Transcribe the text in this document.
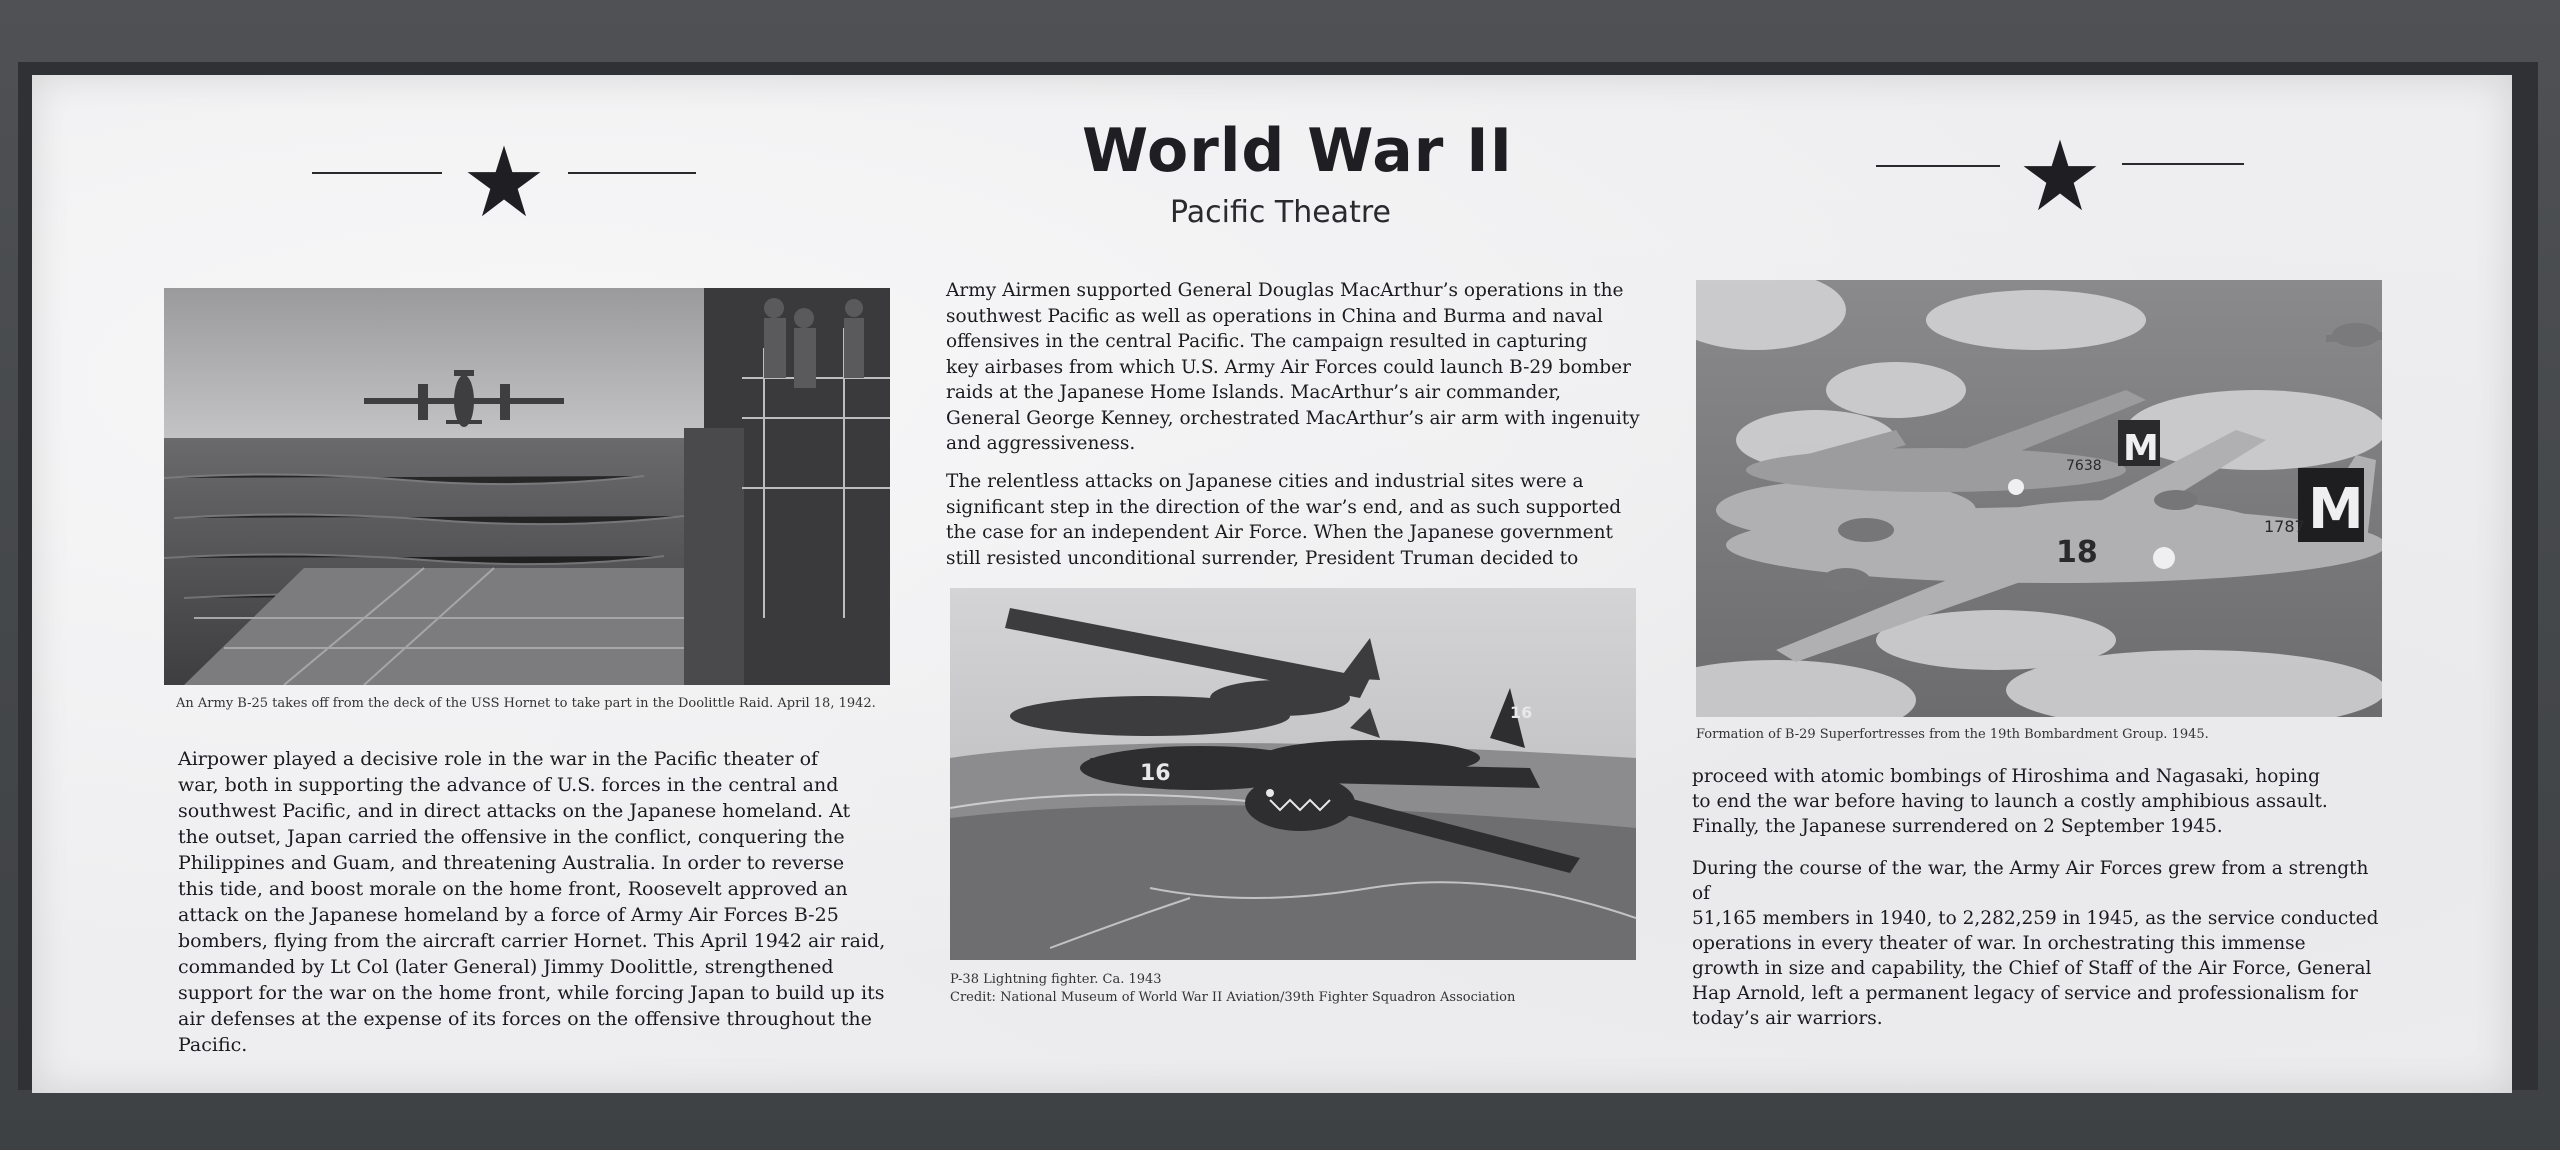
World War II
Pacific Theatre
An Army B-25 takes off from the deck of the USS Hornet to take part in the Doolittle Raid. April 18, 1942.

Airpower played a decisive role in the war in the Pacific theater of
war, both in supporting the advance of U.S. forces in the central and
southwest Pacific, and in direct attacks on the Japanese homeland. At
the outset, Japan carried the offensive in the conflict, conquering the
Philippines and Guam, and threatening Australia. In order to reverse
this tide, and boost morale on the home front, Roosevelt approved an
attack on the Japanese homeland by a force of Army Air Forces B-25
bombers, flying from the aircraft carrier Hornet. This April 1942 air raid,
commanded by Lt Col (later General) Jimmy Doolittle, strengthened
support for the war on the home front, while forcing Japan to build up its
air defenses at the expense of its forces on the offensive throughout the
Pacific.

Army Airmen supported General Douglas MacArthur’s operations in the
southwest Pacific as well as operations in China and Burma and naval
offensives in the central Pacific. The campaign resulted in capturing
key airbases from which U.S. Army Air Forces could launch B-29 bomber
raids at the Japanese Home Islands. MacArthur’s air commander,
General George Kenney, orchestrated MacArthur’s air arm with ingenuity
and aggressiveness.

The relentless attacks on Japanese cities and industrial sites were a
significant step in the direction of the war’s end, and as such supported
the case for an independent Air Force. When the Japanese government
still resisted unconditional surrender, President Truman decided to

16
16
P-38 Lightning fighter. Ca. 1943
Credit: National Museum of World War II Aviation/39th Fighter Squadron Association
M
7638
M
1787
18
Formation of B-29 Superfortresses from the 19th Bombardment Group. 1945.

proceed with atomic bombings of Hiroshima and Nagasaki, hoping
to end the war before having to launch a costly amphibious assault.
Finally, the Japanese surrendered on 2 September 1945.

During the course of the war, the Army Air Forces grew from a strength of
51,165 members in 1940, to 2,282,259 in 1945, as the service conducted
operations in every theater of war. In orchestrating this immense
growth in size and capability, the Chief of Staff of the Air Force, General
Hap Arnold, left a permanent legacy of service and professionalism for
today’s air warriors.
